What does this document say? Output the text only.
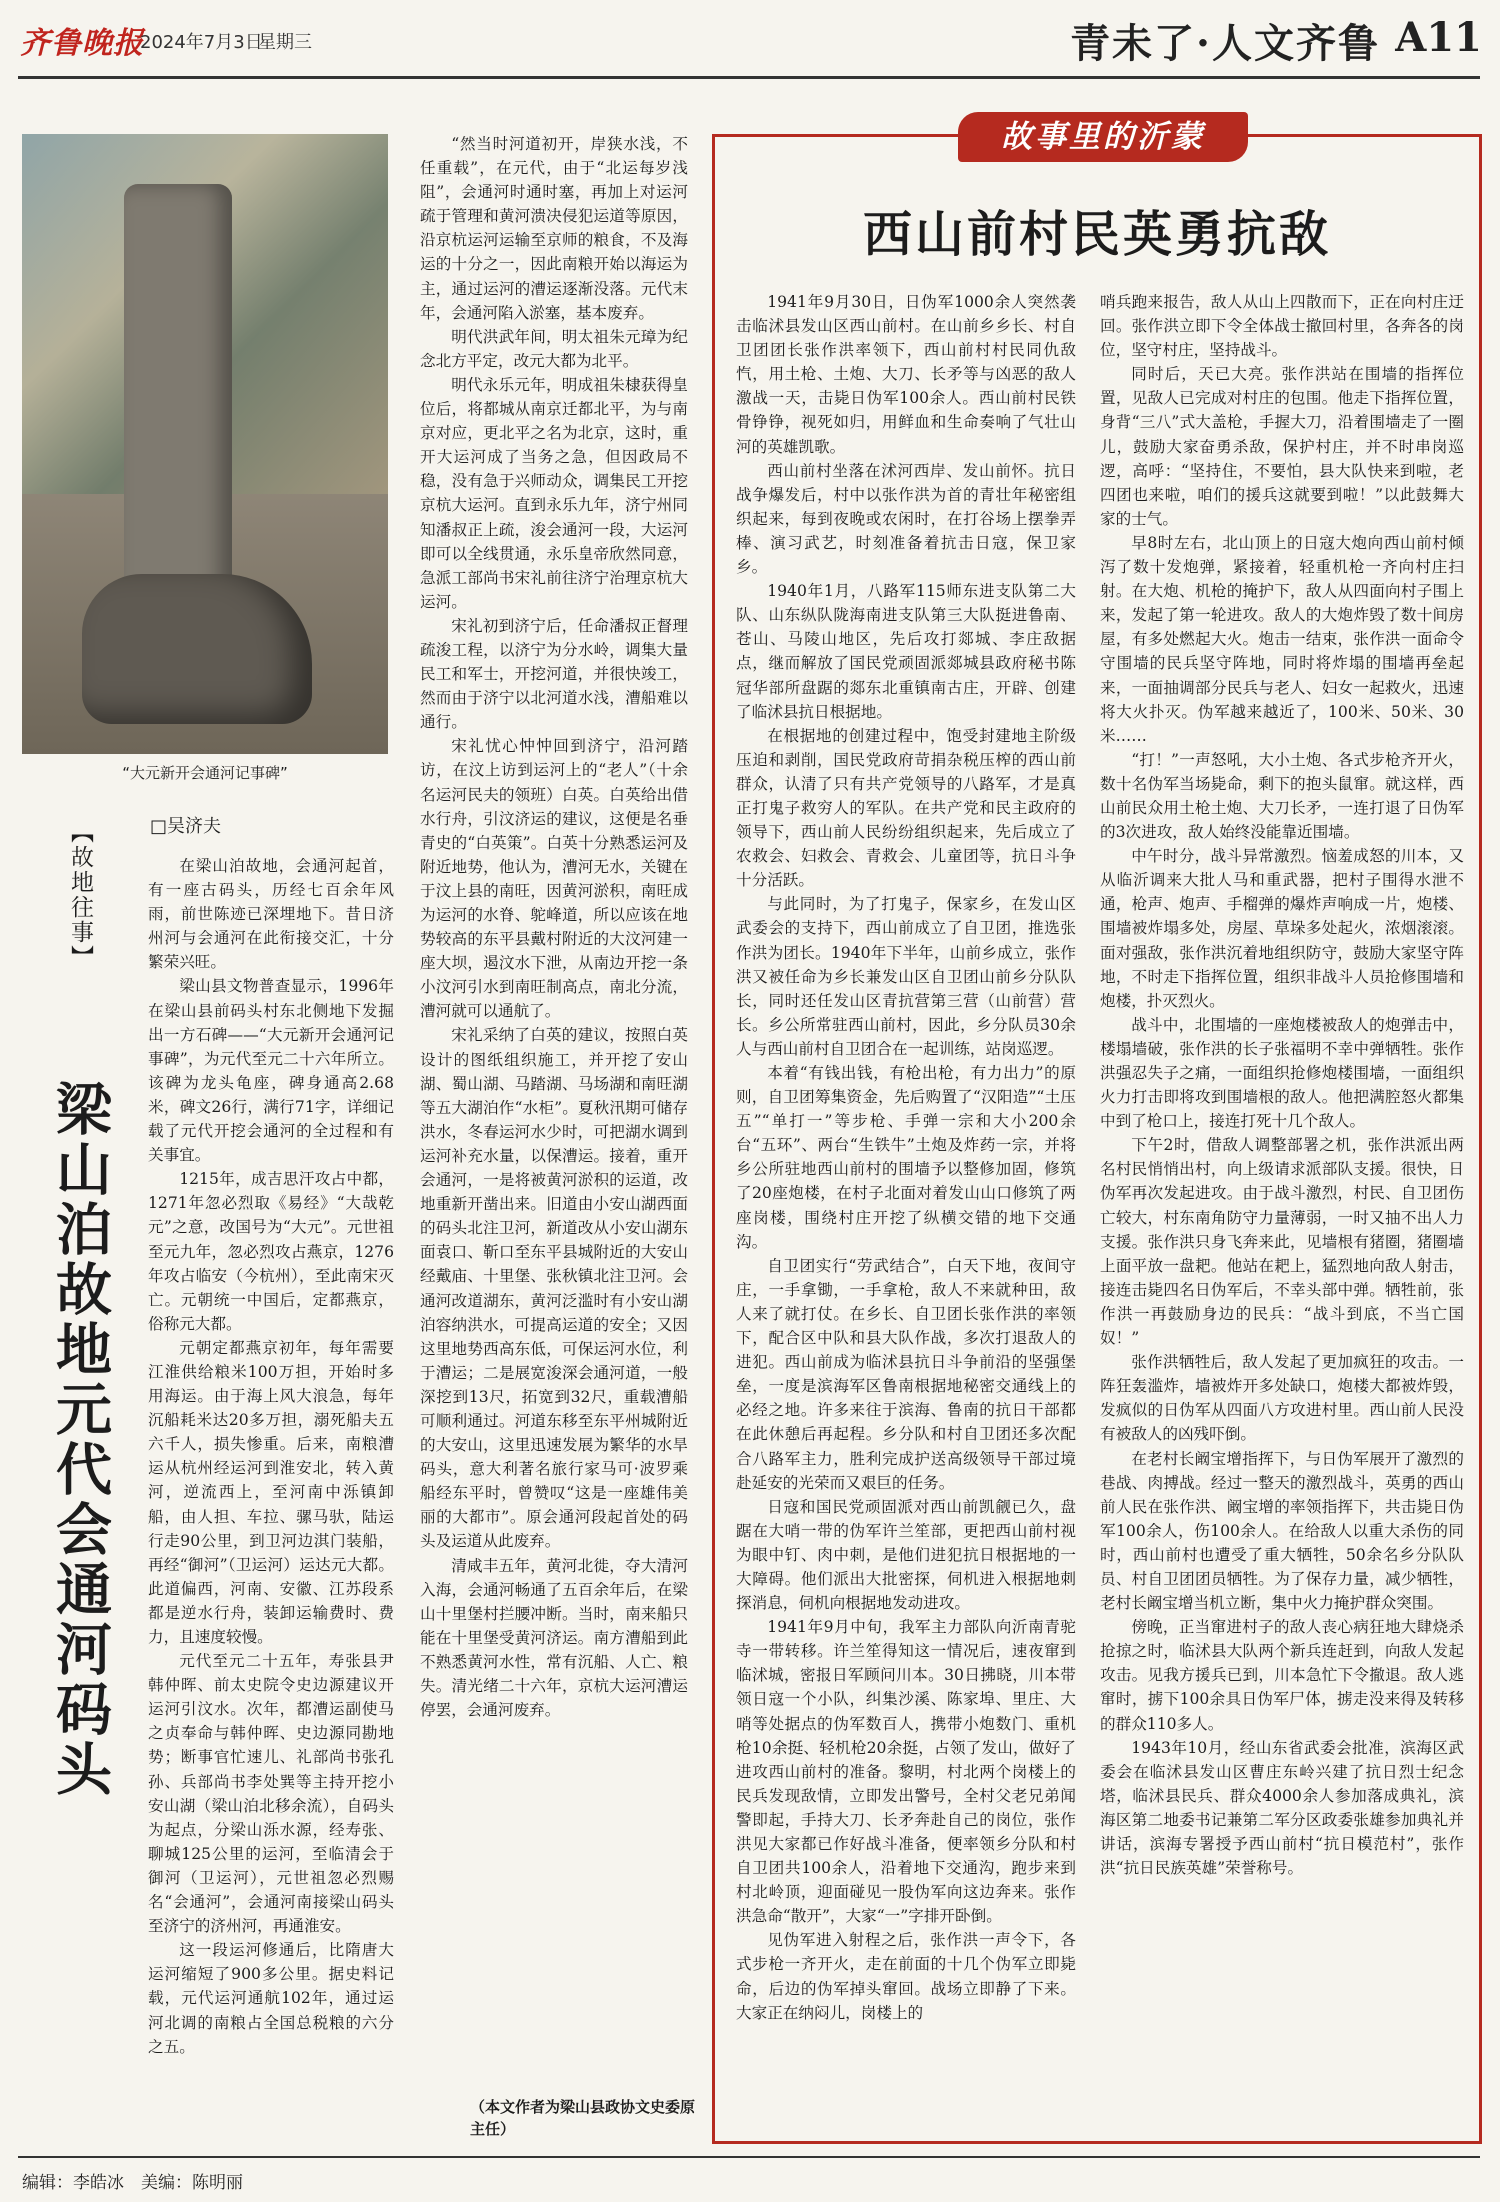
齐鲁晚报
2024年7月3日
星期三	青未了·人文齐鲁 A11
“大元新开会通河记事碑”
【故地往事】
梁山泊故地元代会通河码头
□吴济夫

在梁山泊故地，会通河起首，有一座古码头，历经七百余年风雨，前世陈迹已深埋地下。昔日济州河与会通河在此衔接交汇，十分繁荣兴旺。

梁山县文物普查显示，1996年在梁山县前码头村东北侧地下发掘出一方石碑——“大元新开会通河记事碑”，为元代至元二十六年所立。该碑为龙头龟座，碑身通高2.68米，碑文26行，满行71字，详细记载了元代开挖会通河的全过程和有关事宜。

1215年，成吉思汗攻占中都，1271年忽必烈取《易经》“大哉乾元”之意，改国号为“大元”。元世祖至元九年，忽必烈攻占燕京，1276年攻占临安（今杭州），至此南宋灭亡。元朝统一中国后，定都燕京，俗称元大都。

元朝定都燕京初年，每年需要江淮供给粮米100万担，开始时多用海运。由于海上风大浪急，每年沉船耗米达20多万担，溺死船夫五六千人，损失惨重。后来，南粮漕运从杭州经运河到淮安北，转入黄河，逆流西上，至河南中泺镇卸船，由人担、车拉、骡马驮，陆运行走90公里，到卫河边淇门装船，再经“御河”（卫运河）运达元大都。此道偏西，河南、安徽、江苏段系都是逆水行舟，装卸运输费时、费力，且速度较慢。

元代至元二十五年，寿张县尹韩仲晖、前太史院令史边源建议开运河引汶水。次年，都漕运副使马之贞奉命与韩仲晖、史边源同勘地势；断事官忙速儿、礼部尚书张孔孙、兵部尚书李处巽等主持开挖小安山湖（梁山泊北移余流），自码头为起点，分梁山泺水源，经寿张、聊城125公里的运河，至临清会于御河（卫运河），元世祖忽必烈赐名“会通河”，会通河南接梁山码头至济宁的济州河，再通淮安。

这一段运河修通后，比隋唐大运河缩短了900多公里。据史料记载，元代运河通航102年，通过运河北调的南粮占全国总税粮的六分之五。

“然当时河道初开，岸狭水浅，不任重载”，在元代，由于“北运每岁浅阻”，会通河时通时塞，再加上对运河疏于管理和黄河溃决侵犯运道等原因，沿京杭运河运输至京师的粮食，不及海运的十分之一，因此南粮开始以海运为主，通过运河的漕运逐渐没落。元代末年，会通河陷入淤塞，基本废弃。

明代洪武年间，明太祖朱元璋为纪念北方平定，改元大都为北平。

明代永乐元年，明成祖朱棣获得皇位后，将都城从南京迁都北平，为与南京对应，更北平之名为北京，这时，重开大运河成了当务之急，但因政局不稳，没有急于兴师动众，调集民工开挖京杭大运河。直到永乐九年，济宁州同知潘叔正上疏，浚会通河一段，大运河即可以全线贯通，永乐皇帝欣然同意，急派工部尚书宋礼前往济宁治理京杭大运河。

宋礼初到济宁后，任命潘叔正督理疏浚工程，以济宁为分水岭，调集大量民工和军士，开挖河道，并很快竣工，然而由于济宁以北河道水浅，漕船难以通行。

宋礼忧心忡忡回到济宁，沿河踏访，在汶上访到运河上的“老人”（十余名运河民夫的领班）白英。白英给出借水行舟，引汶济运的建议，这便是名垂青史的“白英策”。白英十分熟悉运河及附近地势，他认为，漕河无水，关键在于汶上县的南旺，因黄河淤积，南旺成为运河的水脊、鸵峰道，所以应该在地势较高的东平县戴村附近的大汶河建一座大坝，遏汶水下泄，从南边开挖一条小汶河引水到南旺制高点，南北分流，漕河就可以通航了。

宋礼采纳了白英的建议，按照白英设计的图纸组织施工，并开挖了安山湖、蜀山湖、马踏湖、马场湖和南旺湖等五大湖泊作“水柜”。夏秋汛期可储存洪水，冬春运河水少时，可把湖水调到运河补充水量，以保漕运。接着，重开会通河，一是将被黄河淤积的运道，改地重新开凿出来。旧道由小安山湖西面的码头北注卫河，新道改从小安山湖东面袁口、靳口至东平县城附近的大安山经戴庙、十里堡、张秋镇北注卫河。会通河改道湖东，黄河泛滥时有小安山湖泊容纳洪水，可提高运道的安全；又因这里地势西高东低，可保运河水位，利于漕运；二是展宽浚深会通河道，一般深挖到13尺，拓宽到32尺，重载漕船可顺利通过。河道东移至东平州城附近的大安山，这里迅速发展为繁华的水旱码头，意大利著名旅行家马可·波罗乘船经东平时，曾赞叹“这是一座雄伟美丽的大都市”。原会通河段起首处的码头及运道从此废弃。

清咸丰五年，黄河北徙，夺大清河入海，会通河畅通了五百余年后，在梁山十里堡村拦腰冲断。当时，南来船只能在十里堡受黄河济运。南方漕船到此不熟悉黄河水性，常有沉船、人亡、粮失。清光绪二十六年，京杭大运河漕运停罢，会通河废弃。

（本文作者为梁山县政协文史委原主任）
故事里的沂蒙
西山前村民英勇抗敌

1941年9月30日，日伪军1000余人突然袭击临沭县发山区西山前村。在山前乡乡长、村自卫团团长张作洪率领下，西山前村村民同仇敌忾，用土枪、土炮、大刀、长矛等与凶恶的敌人激战一天，击毙日伪军100余人。西山前村民铁骨铮铮，视死如归，用鲜血和生命奏响了气壮山河的英雄凯歌。

西山前村坐落在沭河西岸、发山前怀。抗日战争爆发后，村中以张作洪为首的青壮年秘密组织起来，每到夜晚或农闲时，在打谷场上摆拳弄棒、演习武艺，时刻准备着抗击日寇，保卫家乡。

1940年1月，八路军115师东进支队第二大队、山东纵队陇海南进支队第三大队挺进鲁南、苍山、马陵山地区，先后攻打郯城、李庄敌据点，继而解放了国民党顽固派郯城县政府秘书陈冠华部所盘踞的郯东北重镇南古庄，开辟、创建了临沭县抗日根据地。

在根据地的创建过程中，饱受封建地主阶级压迫和剥削，国民党政府苛捐杂税压榨的西山前群众，认清了只有共产党领导的八路军，才是真正打鬼子救穷人的军队。在共产党和民主政府的领导下，西山前人民纷纷组织起来，先后成立了农救会、妇救会、青救会、儿童团等，抗日斗争十分活跃。

与此同时，为了打鬼子，保家乡，在发山区武委会的支持下，西山前成立了自卫团，推选张作洪为团长。1940年下半年，山前乡成立，张作洪又被任命为乡长兼发山区自卫团山前乡分队队长，同时还任发山区青抗营第三营（山前营）营长。乡公所常驻西山前村，因此，乡分队员30余人与西山前村自卫团合在一起训练，站岗巡逻。

本着“有钱出钱，有枪出枪，有力出力”的原则，自卫团筹集资金，先后购置了“汉阳造”“土压五”“单打一”等步枪、手弹一宗和大小200余台“五环”、两台“生铁牛”土炮及炸药一宗，并将乡公所驻地西山前村的围墙予以整修加固，修筑了20座炮楼，在村子北面对着发山山口修筑了两座岗楼，围绕村庄开挖了纵横交错的地下交通沟。

自卫团实行“劳武结合”，白天下地，夜间守庄，一手拿锄，一手拿枪，敌人不来就种田，敌人来了就打仗。在乡长、自卫团长张作洪的率领下，配合区中队和县大队作战，多次打退敌人的进犯。西山前成为临沭县抗日斗争前沿的坚强堡垒，一度是滨海军区鲁南根据地秘密交通线上的必经之地。许多来往于滨海、鲁南的抗日干部都在此休憩后再起程。乡分队和村自卫团还多次配合八路军主力，胜利完成护送高级领导干部过境赴延安的光荣而又艰巨的任务。

日寇和国民党顽固派对西山前凯觎已久，盘踞在大哨一带的伪军许兰笙部，更把西山前村视为眼中钉、肉中刺，是他们进犯抗日根据地的一大障碍。他们派出大批密探，伺机进入根据地刺探消息，伺机向根据地发动进攻。

1941年9月中旬，我军主力部队向沂南青驼寺一带转移。许兰笙得知这一情况后，速夜窜到临沭城，密报日军顾问川本。30日拂晓，川本带领日寇一个小队，纠集沙溪、陈家埠、里庄、大哨等处据点的伪军数百人，携带小炮数门、重机枪10余挺、轻机枪20余挺，占领了发山，做好了进攻西山前村的准备。黎明，村北两个岗楼上的民兵发现敌情，立即发出警号，全村父老兄弟闻警即起，手持大刀、长矛奔赴自己的岗位，张作洪见大家都已作好战斗准备，便率领乡分队和村自卫团共100余人，沿着地下交通沟，跑步来到村北岭顶，迎面碰见一股伪军向这边奔来。张作洪急命“散开”，大家“一”字排开卧倒。

见伪军进入射程之后，张作洪一声令下，各式步枪一齐开火，走在前面的十几个伪军立即毙命，后边的伪军掉头窜回。战场立即静了下来。大家正在纳闷儿，岗楼上的

哨兵跑来报告，敌人从山上四散而下，正在向村庄迂回。张作洪立即下令全体战士撤回村里，各奔各的岗位，坚守村庄，坚持战斗。

同时后，天已大亮。张作洪站在围墙的指挥位置，见敌人已完成对村庄的包围。他走下指挥位置，身背“三八”式大盖枪，手握大刀，沿着围墙走了一圈儿，鼓励大家奋勇杀敌，保护村庄，并不时串岗巡逻，高呼：“坚持住，不要怕，县大队快来到啦，老四团也来啦，咱们的援兵这就要到啦！”以此鼓舞大家的士气。

早8时左右，北山顶上的日寇大炮向西山前村倾泻了数十发炮弹，紧接着，轻重机枪一齐向村庄扫射。在大炮、机枪的掩护下，敌人从四面向村子围上来，发起了第一轮进攻。敌人的大炮炸毁了数十间房屋，有多处燃起大火。炮击一结束，张作洪一面命令守围墙的民兵坚守阵地，同时将炸塌的围墙再垒起来，一面抽调部分民兵与老人、妇女一起救火，迅速将大火扑灭。伪军越来越近了，100米、50米、30米……

“打！”一声怒吼，大小土炮、各式步枪齐开火，数十名伪军当场毙命，剩下的抱头鼠窜。就这样，西山前民众用土枪土炮、大刀长矛，一连打退了日伪军的3次进攻，敌人始终没能靠近围墙。

中午时分，战斗异常激烈。恼羞成怒的川本，又从临沂调来大批人马和重武器，把村子围得水泄不通，枪声、炮声、手榴弹的爆炸声响成一片，炮楼、围墙被炸塌多处，房屋、草垛多处起火，浓烟滚滚。面对强敌，张作洪沉着地组织防守，鼓励大家坚守阵地，不时走下指挥位置，组织非战斗人员抢修围墙和炮楼，扑灭烈火。

战斗中，北围墙的一座炮楼被敌人的炮弹击中，楼塌墙破，张作洪的长子张福明不幸中弹牺牲。张作洪强忍失子之痛，一面组织抢修炮楼围墙，一面组织火力打击即将攻到围墙根的敌人。他把满腔怒火都集中到了枪口上，接连打死十几个敌人。

下午2时，借敌人调整部署之机，张作洪派出两名村民悄悄出村，向上级请求派部队支援。很快，日伪军再次发起进攻。由于战斗激烈，村民、自卫团伤亡较大，村东南角防守力量薄弱，一时又抽不出人力支援。张作洪只身飞奔来此，见墙根有猪圈，猪圈墙上面平放一盘耙。他站在耙上，猛烈地向敌人射击，接连击毙四名日伪军后，不幸头部中弹。牺牲前，张作洪一再鼓励身边的民兵：“战斗到底，不当亡国奴！”

张作洪牺牲后，敌人发起了更加疯狂的攻击。一阵狂轰滥炸，墙被炸开多处缺口，炮楼大都被炸毁，发疯似的日伪军从四面八方攻进村里。西山前人民没有被敌人的凶残吓倒。

在老村长阚宝增指挥下，与日伪军展开了激烈的巷战、肉搏战。经过一整天的激烈战斗，英勇的西山前人民在张作洪、阚宝增的率领指挥下，共击毙日伪军100余人，伤100余人。在给敌人以重大杀伤的同时，西山前村也遭受了重大牺牲，50余名乡分队队员、村自卫团团员牺牲。为了保存力量，减少牺牲，老村长阚宝增当机立断，集中火力掩护群众突围。

傍晚，正当窜进村子的敌人丧心病狂地大肆烧杀抢掠之时，临沭县大队两个新兵连赶到，向敌人发起攻击。见我方援兵已到，川本急忙下令撤退。敌人逃窜时，掳下100余具日伪军尸体，掳走没来得及转移的群众110多人。

1943年10月，经山东省武委会批准，滨海区武委会在临沭县发山区曹庄东岭兴建了抗日烈士纪念塔，临沭县民兵、群众4000余人参加落成典礼，滨海区第二地委书记兼第二军分区政委张雄参加典礼并讲话，滨海专署授予西山前村“抗日模范村”，张作洪“抗日民族英雄”荣誉称号。

编辑：李皓冰　美编：陈明丽
